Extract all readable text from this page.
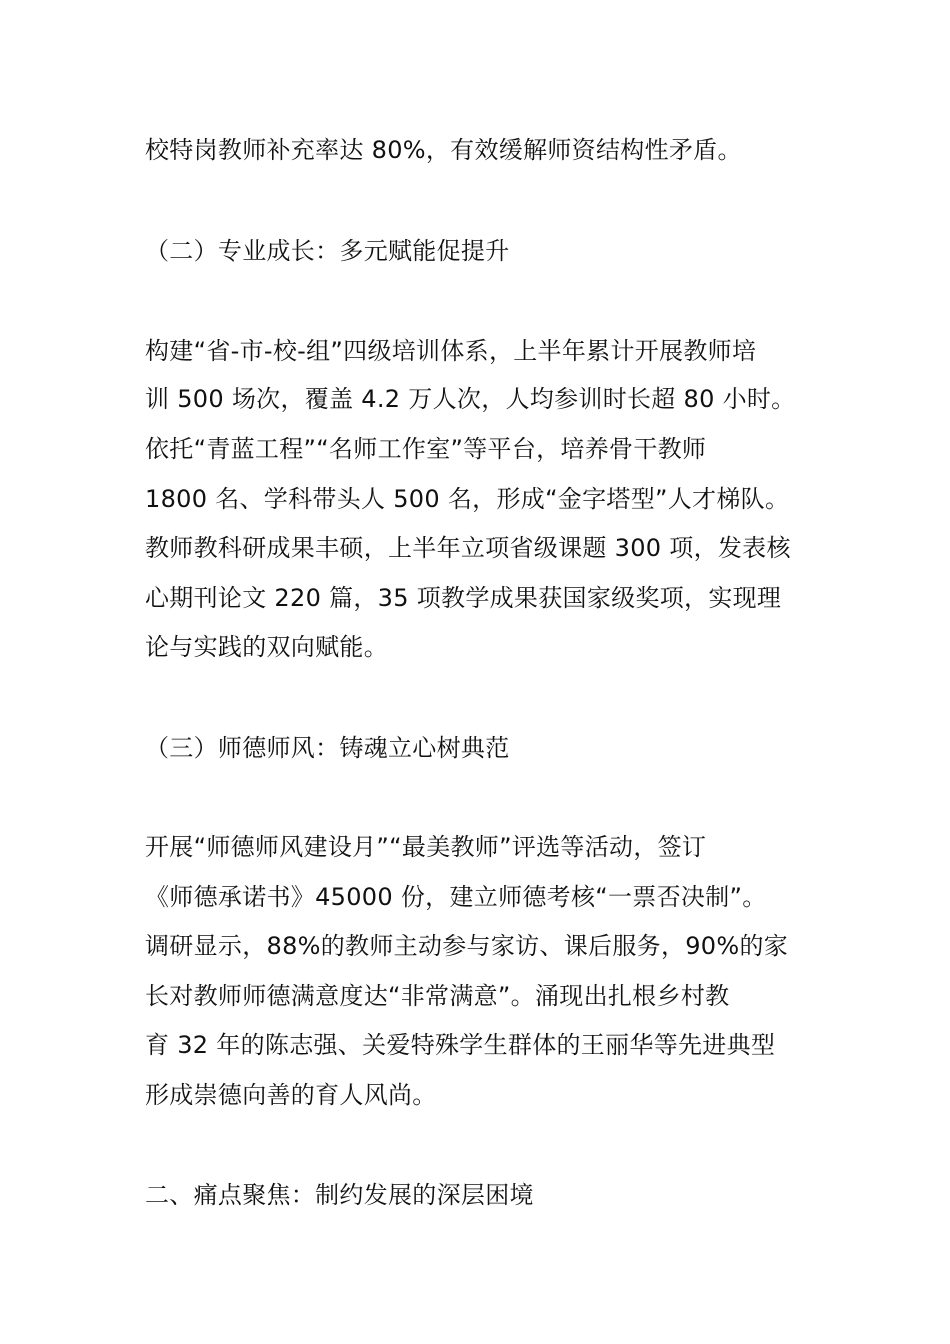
校特岗教师补充率达 80%，有效缓解师资结构性矛盾。
（二）专业成长：多元赋能促提升
构建“省-市-校-组”四级培训体系，上半年累计开展教师培
训 500 场次，覆盖 4.2 万人次，人均参训时长超 80 小时。
依托“青蓝工程”“名师工作室”等平台，培养骨干教师
1800 名、学科带头人 500 名，形成“金字塔型”人才梯队。
教师教科研成果丰硕，上半年立项省级课题 300 项，发表核
心期刊论文 220 篇，35 项教学成果获国家级奖项，实现理
论与实践的双向赋能。
（三）师德师风：铸魂立心树典范
开展“师德师风建设月”“最美教师”评选等活动，签订
《师德承诺书》45000 份，建立师德考核“一票否决制”。
调研显示，88%的教师主动参与家访、课后服务，90%的家
长对教师师德满意度达“非常满意”。涌现出扎根乡村教
育 32 年的陈志强、关爱特殊学生群体的王丽华等先进典型
形成崇德向善的育人风尚。
二、痛点聚焦：制约发展的深层困境
